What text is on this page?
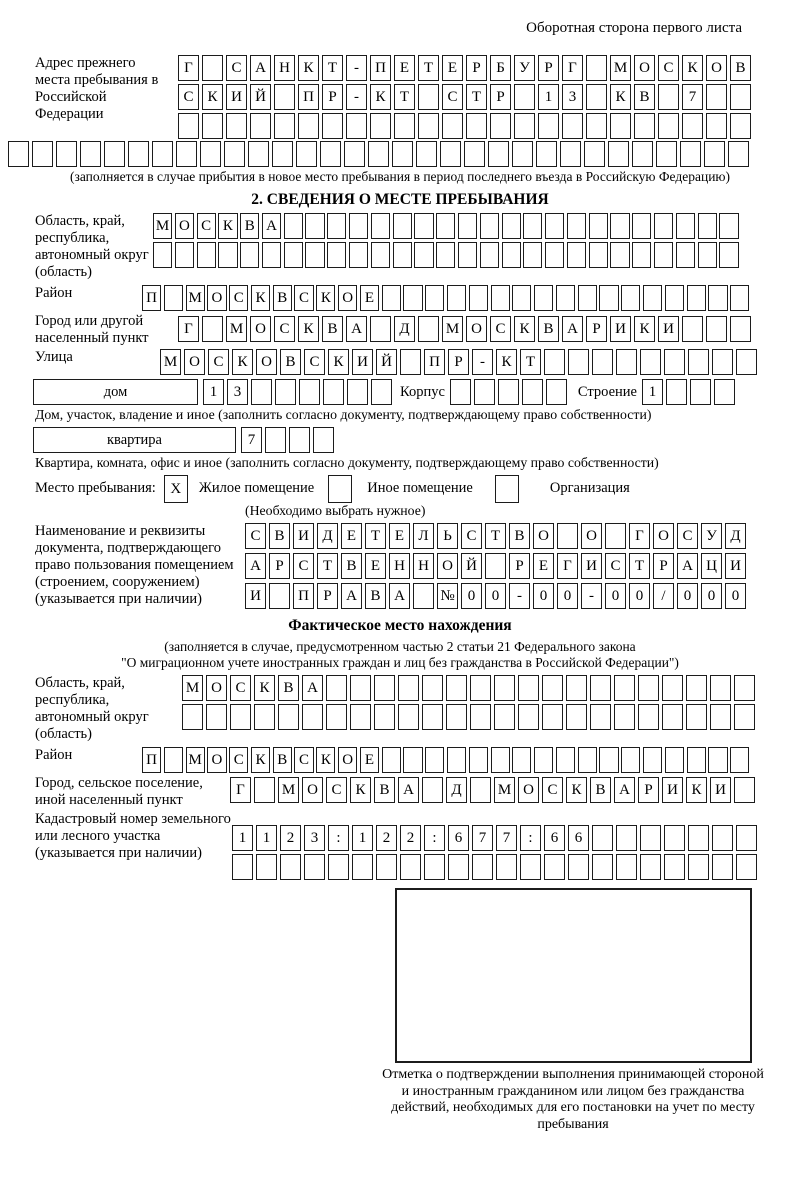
Оборотная сторона первого листа
Адрес прежнего места пребывания в Российской Федерации
Г	С А Н К Т	-	П Е Т Е	Р	Б У Р	Г	М О С К О В
С К И Й	П Р	-	К Т	С Т	Р	1	3	К В	7
(заполняется в случае прибытия в новое место пребывания в период последнего въезда в Российскую Федерацию)
2. СВЕДЕНИЯ О МЕСТЕ ПРЕБЫВАНИЯ
Область, край, республика, автономный округ (область)
М О С К В А
Район	П М О С К В С К О Е
Город или другой населенный пункт
Г	М О С К В А	Д	М О С К В А Р И К И
Улица	М О С К О В С К И Й	П Р	-	К Т
дом	1	3	Корпус	Строение 1
Дом, участок, владение и иное (заполнить согласно документу, подтверждающему право собственности)
квартира	7
Квартира, комната, офис и иное (заполнить согласно документу, подтверждающему право собственности)
Место пребывания: X	Жилое помещение	Иное помещение	Организация
(Необходимо выбрать нужное)
Наименование и реквизиты документа, подтверждающего право пользования помещением (строением, сооружением) (указывается при наличии)
С В И Д Е Т Е Л Ь С Т В О	О	Г О С У Д
А Р С Т В Е Н Н О Й	Р	Е	Г И С Т	Р А Ц И
И	П Р А В А	№ 0	0	-	0	0	-	0	0	/	0	0	0
Фактическое место нахождения
(заполняется в случае, предусмотренном частью 2 статьи 21 Федерального закона
"О миграционном учете иностранных граждан и лиц без гражданства в Российской Федерации")
Область, край, республика, автономный округ (область)
М О С К В А
Район	П М О С К В С К О Е
Город, сельское поселение, иной населенный пункт
Г	М О С К В А	Д	М О С К В А Р И К И
Кадастровый номер земельного или лесного участка (указывается при наличии)
1	1	2	3	:	1	2	2	:	6	7	7	:	6	6
Отметка о подтверждении выполнения принимающей стороной и иностранным гражданином или лицом без гражданства действий, необходимых для его постановки на учет по месту пребывания
